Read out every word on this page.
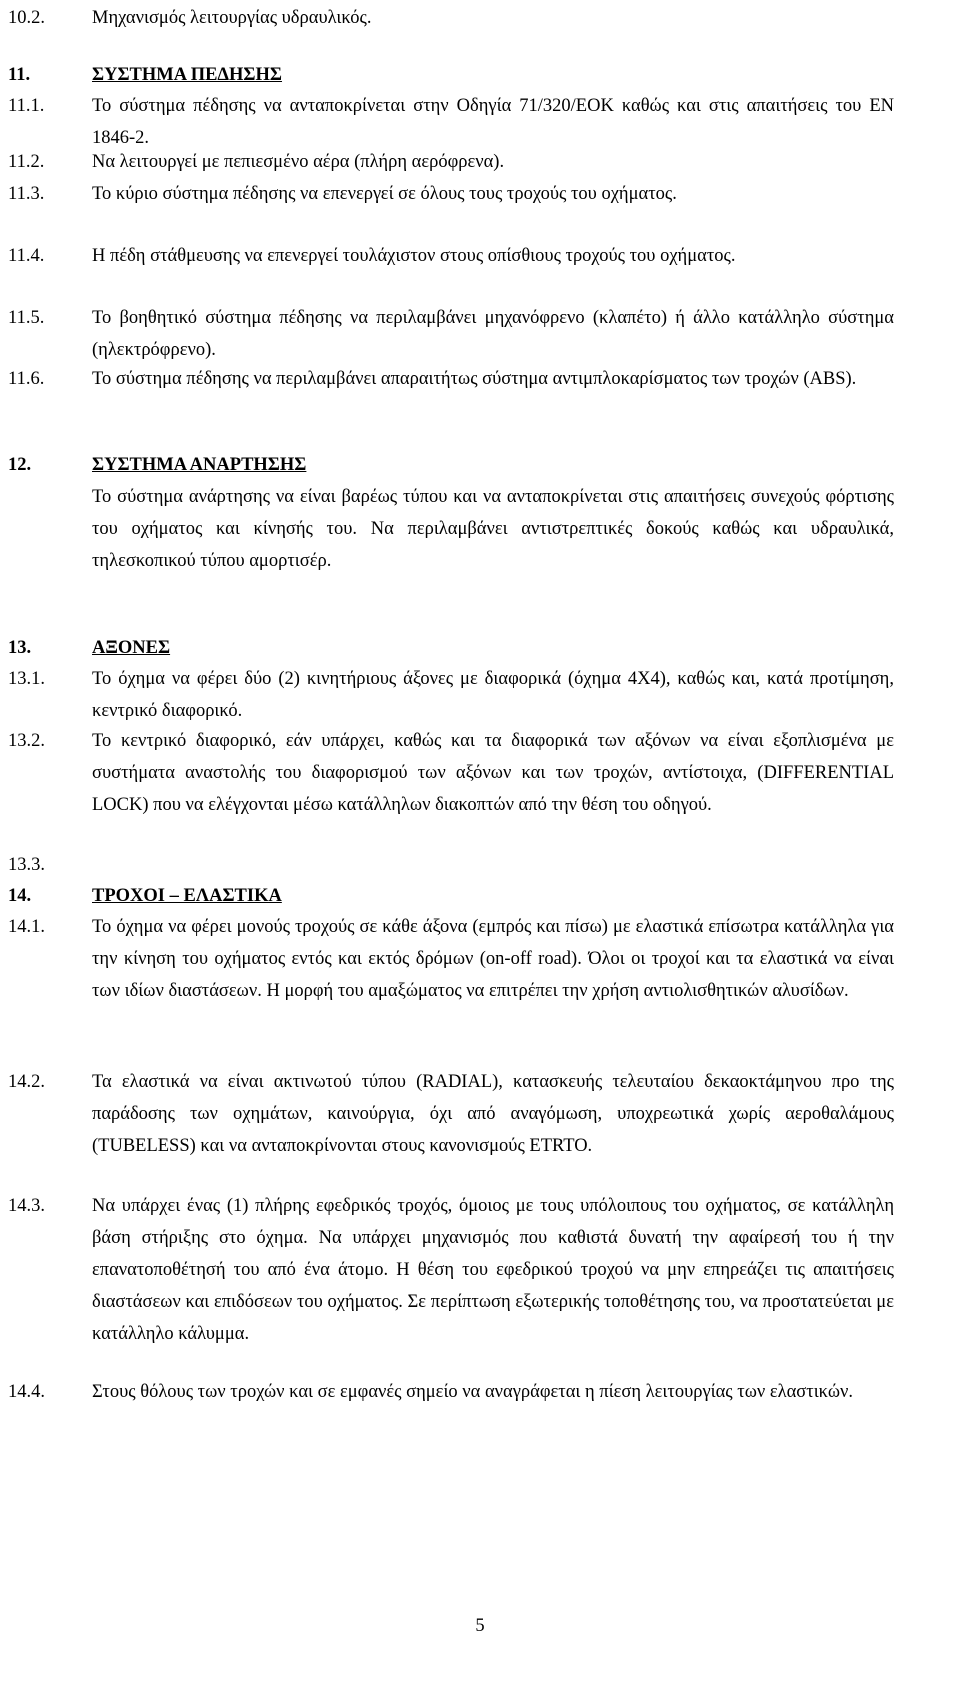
10.2.	Μηχανισμός λειτουργίας υδραυλικός.
11.	ΣΥΣΤΗΜΑ ΠΕΔΗΣΗΣ
11.1.	Το σύστημα πέδησης να ανταποκρίνεται στην Οδηγία 71/320/ΕΟΚ καθώς και στις απαιτήσεις του ΕΝ 1846-2.
11.2.	Να λειτουργεί με πεπιεσμένο αέρα (πλήρη αερόφρενα).
11.3.	Το κύριο σύστημα πέδησης να επενεργεί σε όλους τους τροχούς του οχήματος.
11.4.	Η πέδη στάθμευσης να επενεργεί τουλάχιστον στους οπίσθιους τροχούς του οχήματος.
11.5.	Το βοηθητικό σύστημα πέδησης να περιλαμβάνει μηχανόφρενο (κλαπέτο) ή άλλο κατάλληλο σύστημα (ηλεκτρόφρενο).
11.6.	Το σύστημα πέδησης να περιλαμβάνει απαραιτήτως σύστημα αντιμπλοκαρίσματος των τροχών (ABS).
12.	ΣΥΣΤΗΜΑ ΑΝΑΡΤΗΣΗΣ
Το σύστημα ανάρτησης να είναι βαρέως τύπου και να ανταποκρίνεται στις απαιτήσεις συνεχούς φόρτισης του οχήματος και κίνησής του. Να περιλαμβάνει αντιστρεπτικές δοκούς καθώς και υδραυλικά, τηλεσκοπικού τύπου αμορτισέρ.
13.	ΑΞΟΝΕΣ
13.1.	Το όχημα να φέρει δύο (2) κινητήριους άξονες με διαφορικά (όχημα 4Χ4), καθώς και, κατά προτίμηση, κεντρικό διαφορικό.
13.2.	Το κεντρικό διαφορικό, εάν υπάρχει, καθώς και τα διαφορικά των αξόνων να είναι εξοπλισμένα με συστήματα αναστολής του διαφορισμού των αξόνων και των τροχών, αντίστοιχα, (DIFFERENTIAL LOCK) που να ελέγχονται μέσω κατάλληλων διακοπτών από την θέση του οδηγού.
13.3.
14.	ΤΡΟΧΟΙ – ΕΛΑΣΤΙΚΑ
14.1.	Το όχημα να φέρει μονούς τροχούς σε κάθε άξονα (εμπρός και πίσω) με ελαστικά επίσωτρα κατάλληλα για την κίνηση του οχήματος εντός και εκτός δρόμων (on-off road). Όλοι οι τροχοί και τα ελαστικά να είναι των ιδίων διαστάσεων. Η μορφή του αμαξώματος να επιτρέπει την χρήση αντιολισθητικών αλυσίδων.
14.2.	Τα ελαστικά να είναι ακτινωτού τύπου (RADIAL), κατασκευής τελευταίου δεκαοκτάμηνου προ της παράδοσης των οχημάτων, καινούργια, όχι από αναγόμωση, υποχρεωτικά χωρίς αεροθαλάμους (TUBELESS) και να ανταποκρίνονται στους κανονισμούς ETRTO.
14.3.	Να υπάρχει ένας (1) πλήρης εφεδρικός τροχός, όμοιος με τους υπόλοιπους του οχήματος, σε κατάλληλη βάση στήριξης στο όχημα. Να υπάρχει μηχανισμός που καθιστά δυνατή την αφαίρεσή του ή την επανατοποθέτησή του από ένα άτομο. Η θέση του εφεδρικού τροχού να μην επηρεάζει τις απαιτήσεις διαστάσεων και επιδόσεων του οχήματος. Σε περίπτωση εξωτερικής τοποθέτησης του, να προστατεύεται με κατάλληλο κάλυμμα.
14.4.	Στους θόλους των τροχών και σε εμφανές σημείο να αναγράφεται η πίεση λειτουργίας των ελαστικών.
5
